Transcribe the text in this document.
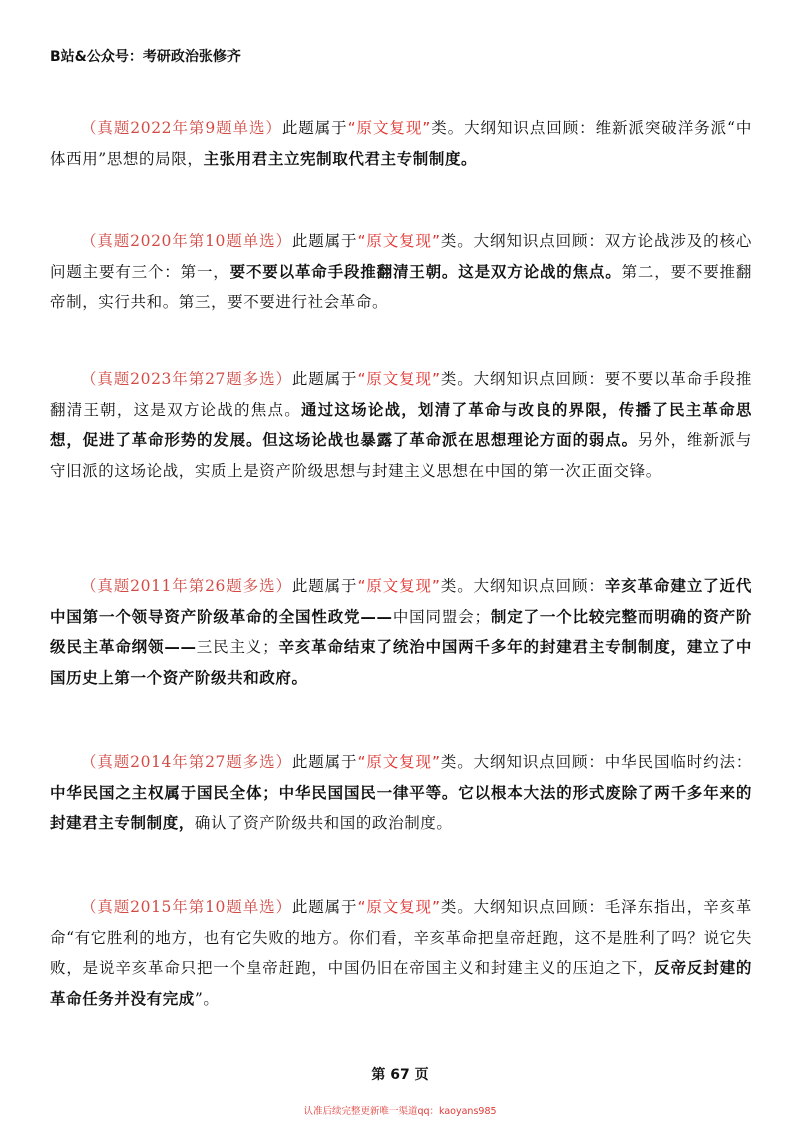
B站&公众号：考研政治张修齐

（真题2022年第9题单选）此题属于“原文复现”类。大纲知识点回顾：维新派突破洋务派“中体西用”思想的局限，主张用君主立宪制取代君主专制制度。

（真题2020年第10题单选）此题属于“原文复现”类。大纲知识点回顾：双方论战涉及的核心问题主要有三个：第一，要不要以革命手段推翻清王朝。这是双方论战的焦点。第二，要不要推翻帝制，实行共和。第三，要不要进行社会革命。

（真题2023年第27题多选）此题属于“原文复现”类。大纲知识点回顾：要不要以革命手段推翻清王朝，这是双方论战的焦点。通过这场论战，划清了革命与改良的界限，传播了民主革命思想，促进了革命形势的发展。但这场论战也暴露了革命派在思想理论方面的弱点。另外，维新派与守旧派的这场论战，实质上是资产阶级思想与封建主义思想在中国的第一次正面交锋。

（真题2011年第26题多选）此题属于“原文复现”类。大纲知识点回顾：辛亥革命建立了近代中国第一个领导资产阶级革命的全国性政党——中国同盟会；制定了一个比较完整而明确的资产阶级民主革命纲领——三民主义；辛亥革命结束了统治中国两千多年的封建君主专制制度，建立了中国历史上第一个资产阶级共和政府。

（真题2014年第27题多选）此题属于“原文复现”类。大纲知识点回顾：中华民国临时约法：中华民国之主权属于国民全体；中华民国国民一律平等。它以根本大法的形式废除了两千多年来的封建君主专制制度，确认了资产阶级共和国的政治制度。

（真题2015年第10题单选）此题属于“原文复现”类。大纲知识点回顾：毛泽东指出，辛亥革命“有它胜利的地方，也有它失败的地方。你们看，辛亥革命把皇帝赶跑，这不是胜利了吗？说它失败，是说辛亥革命只把一个皇帝赶跑，中国仍旧在帝国主义和封建主义的压迫之下，反帝反封建的革命任务并没有完成”。

第 67 页
认准后续完整更新唯一渠道qq：kaoyans985
